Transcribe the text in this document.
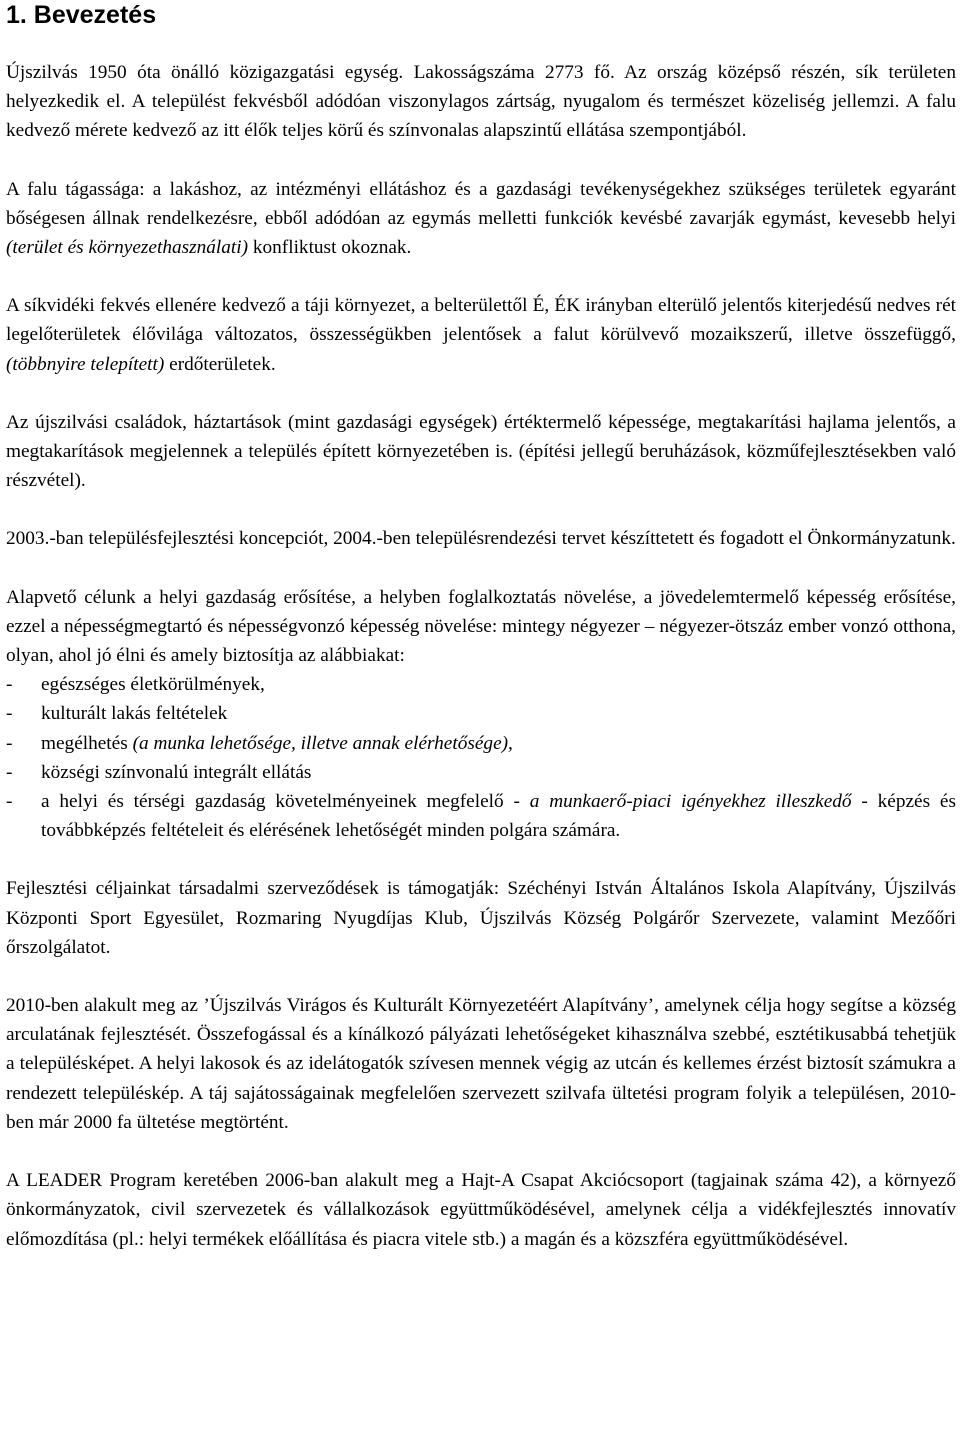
1. Bevezetés

Újszilvás 1950 óta önálló közigazgatási egység. Lakosságszáma 2773 fő. Az ország középső részén, sík területen helyezkedik el. A települést fekvésből adódóan viszonylagos zártság, nyugalom és természet közeliség jellemzi. A falu kedvező mérete kedvező az itt élők teljes körű és színvonalas alapszintű ellátása szempontjából.

A falu tágassága: a lakáshoz, az intézményi ellátáshoz és a gazdasági tevékenységekhez szükséges területek egyaránt bőségesen állnak rendelkezésre, ebből adódóan az egymás melletti funkciók kevésbé zavarják egymást, kevesebb helyi (terület és környezethasználati) konfliktust okoznak.

A síkvidéki fekvés ellenére kedvező a táji környezet, a belterülettől É, ÉK irányban elterülő jelentős kiterjedésű nedves rét legelőterületek élővilága változatos, összességükben jelentősek a falut körülvevő mozaikszerű, illetve összefüggő, (többnyire telepített) erdőterületek.

Az újszilvási családok, háztartások (mint gazdasági egységek) értéktermelő képessége, megtakarítási hajlama jelentős, a megtakarítások megjelennek a település épített környezetében is. (építési jellegű beruházások, közműfejlesztésekben való részvétel).

2003.-ban településfejlesztési koncepciót, 2004.-ben településrendezési tervet készíttetett és fogadott el Önkormányzatunk.

Alapvető célunk a helyi gazdaság erősítése, a helyben foglalkoztatás növelése, a jövedelemtermelő képesség erősítése, ezzel a népességmegtartó és népességvonzó képesség növelése: mintegy négyezer – négyezer-ötszáz ember vonzó otthona, olyan, ahol jó élni és amely biztosítja az alábbiakat:

- egészséges életkörülmények,
- kulturált lakás feltételek
- megélhetés (a munka lehetősége, illetve annak elérhetősége),
- községi színvonalú integrált ellátás
- a helyi és térségi gazdaság követelményeinek megfelelő - a munkaerő-piaci igényekhez illeszkedő - képzés és továbbképzés feltételeit és elérésének lehetőségét minden polgára számára.

Fejlesztési céljainkat társadalmi szerveződések is támogatják: Széchényi István Általános Iskola Alapítvány, Újszilvás Központi Sport Egyesület, Rozmaring Nyugdíjas Klub, Újszilvás Község Polgárőr Szervezete, valamint Mezőőri őrszolgálatot.

2010-ben alakult meg az ’Újszilvás Virágos és Kulturált Környezetéért Alapítvány’, amelynek célja hogy segítse a község arculatának fejlesztését. Összefogással és a kínálkozó pályázati lehetőségeket kihasználva szebbé, esztétikusabbá tehetjük a településképet. A helyi lakosok és az idelátogatók szívesen mennek végig az utcán és kellemes érzést biztosít számukra a rendezett településkép. A táj sajátosságainak megfelelően szervezett szilvafa ültetési program folyik a településen, 2010-ben már 2000 fa ültetése megtörtént.

A LEADER Program keretében 2006-ban alakult meg a Hajt-A Csapat Akciócsoport (tagjainak száma 42), a környező önkormányzatok, civil szervezetek és vállalkozások együttműködésével, amelynek célja a vidékfejlesztés innovatív előmozdítása (pl.: helyi termékek előállítása és piacra vitele stb.) a magán és a közszféra együttműködésével.
